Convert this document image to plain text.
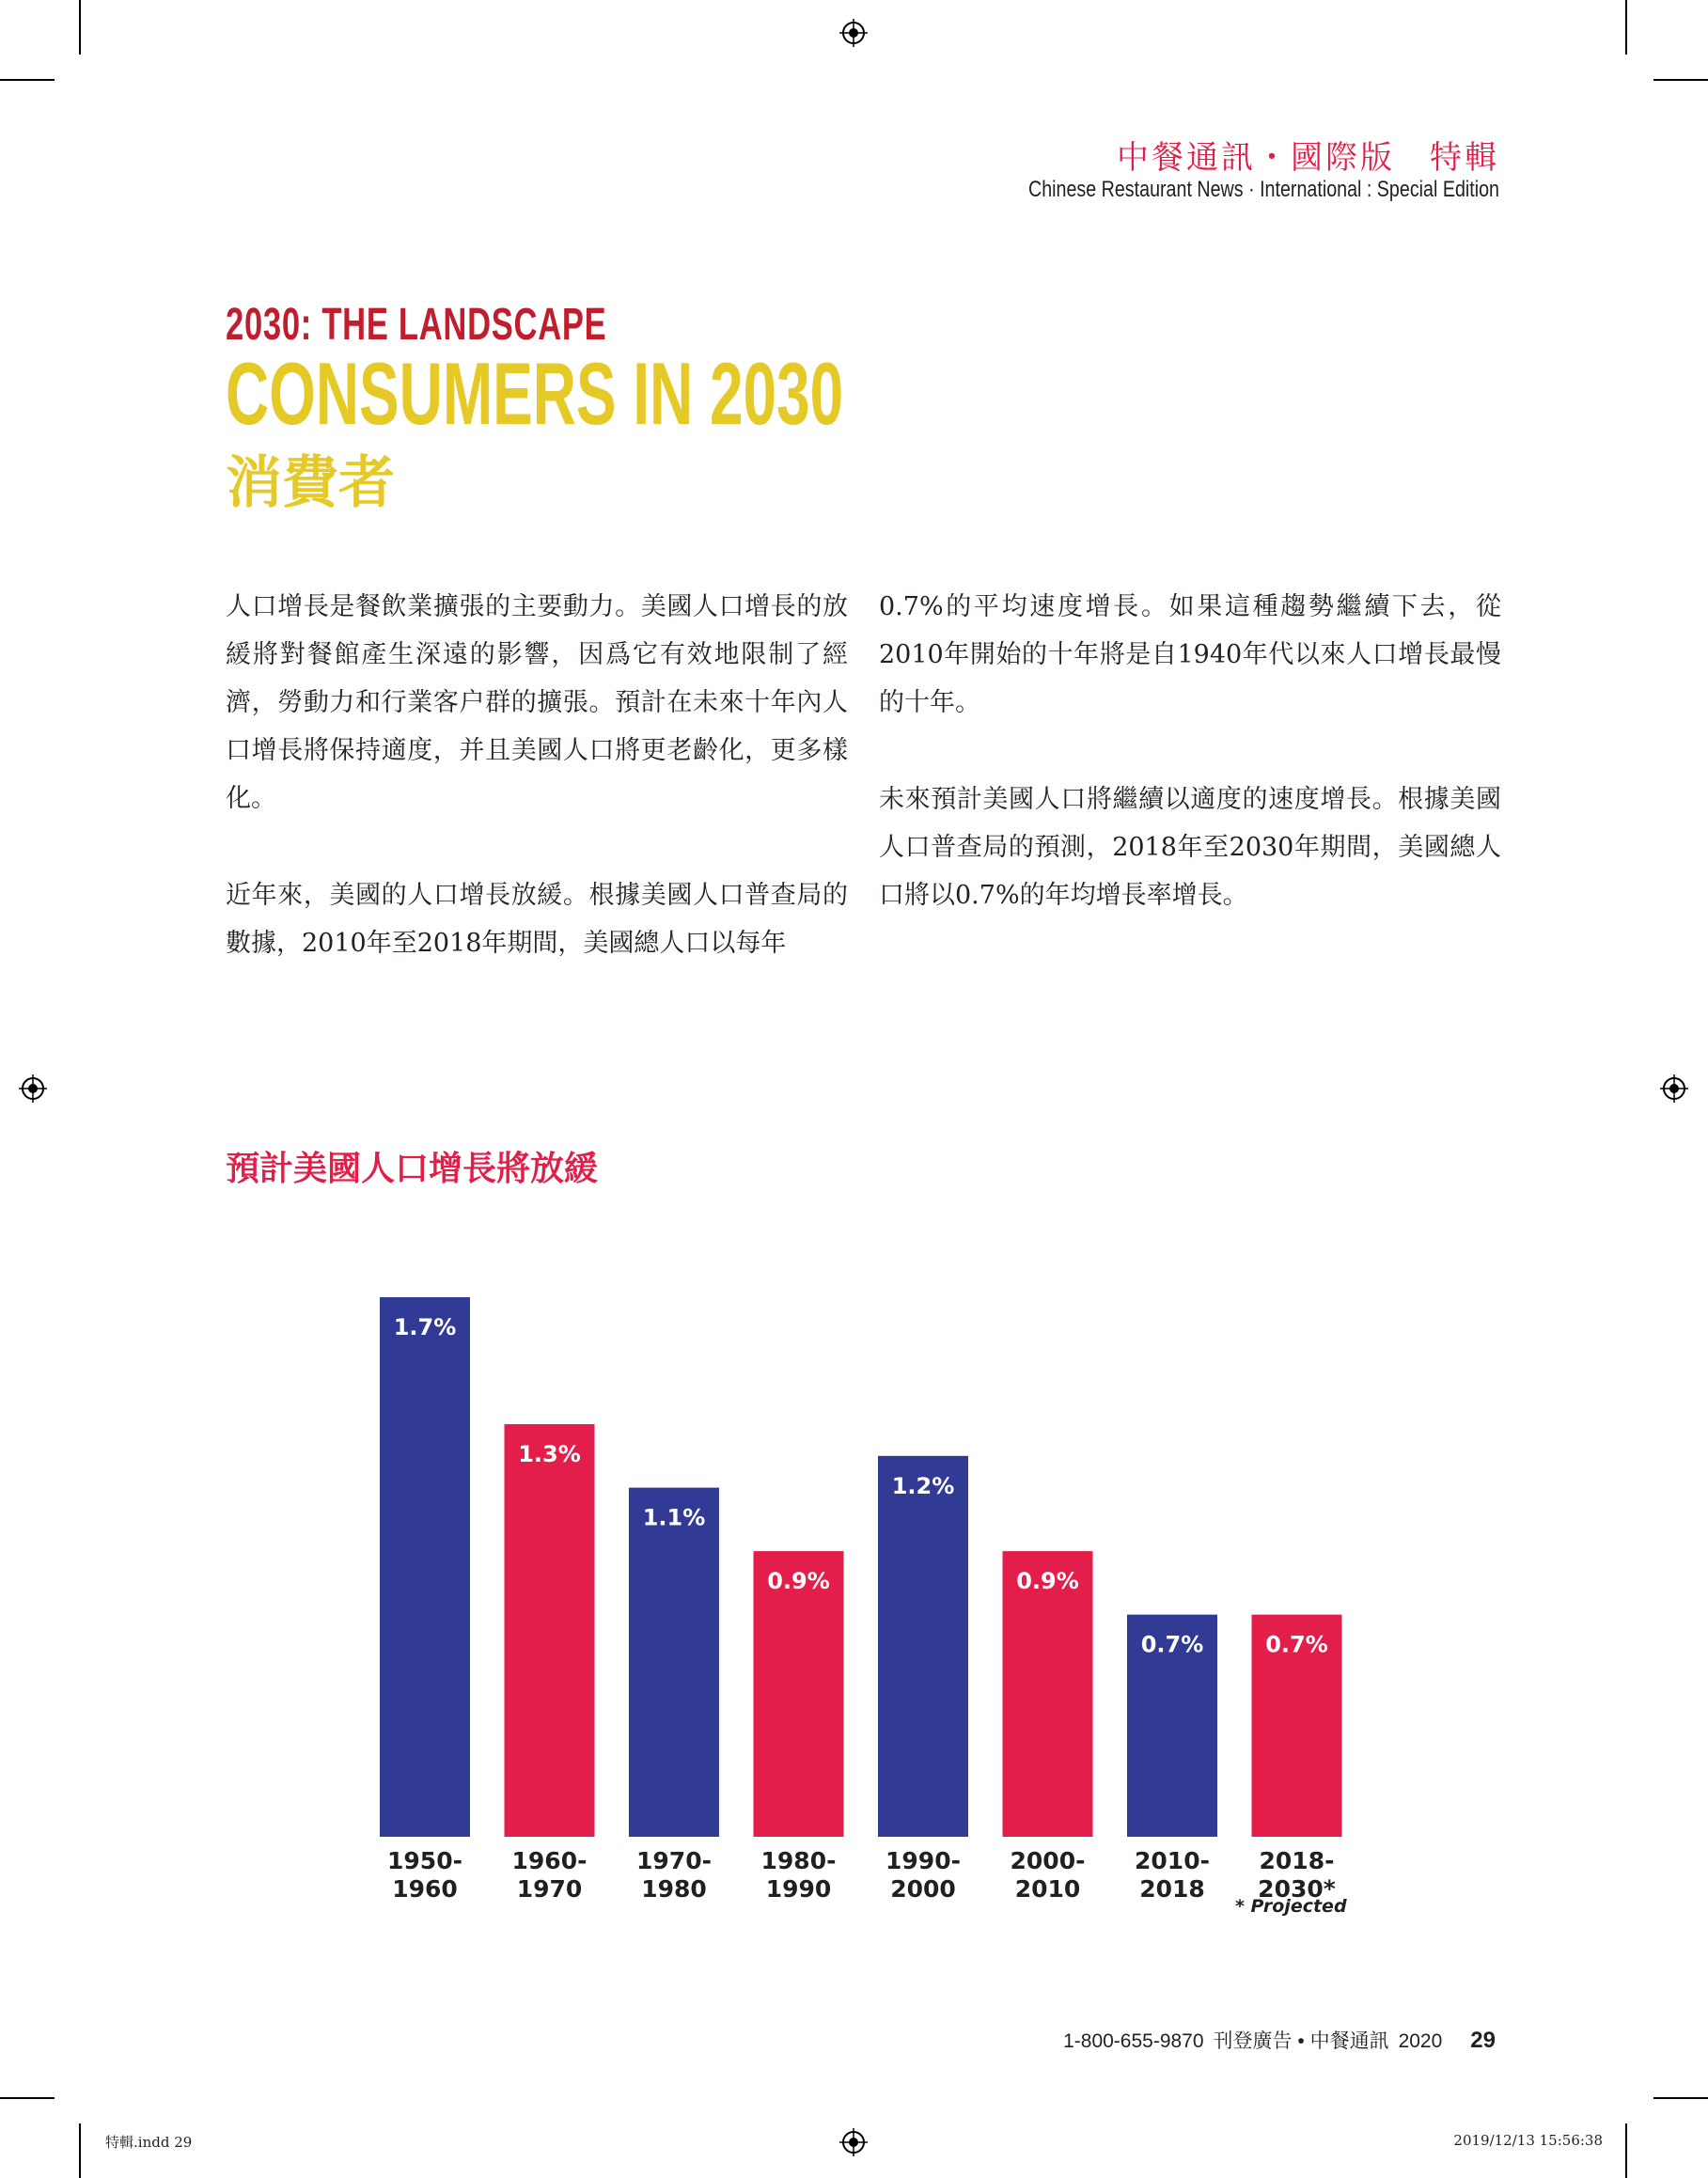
中餐通訊・國際版　特輯
Chinese Restaurant News · International : Special Edition
2030: THE LANDSCAPE
CONSUMERS IN 2030
消費者

人口增長是餐飲業擴張的主要動力。美國人口增長的放緩將對餐館產生深遠的影響，因爲它有效地限制了經濟，勞動力和行業客户群的擴張。預計在未來十年內人口增長將保持適度，并且美國人口將更老齡化，更多樣化。

近年來，美國的人口增長放緩。根據美國人口普查局的數據，2010年至2018年期間，美國總人口以每年

0.7%的平均速度增長。如果這種趨勢繼續下去，從2010年開始的十年將是自1940年代以來人口增長最慢的十年。

未來預計美國人口將繼續以適度的速度增長。根據美國人口普查局的預測，2018年至2030年期間，美國總人口將以0.7%的年均增長率增長。

預計美國人口增長將放緩
1.7%
1950-
1960
1.3%
1960-
1970
1.1%
1970-
1980
0.9%
1980-
1990
1.2%
1990-
2000
0.9%
2000-
2010
0.7%
2010-
2018
0.7%
2018-
2030*
* Projected
1-800-655-9870 刊登廣告 • 中餐通訊 2020 29
特輯.indd 29	2019/12/13 15:56:38
